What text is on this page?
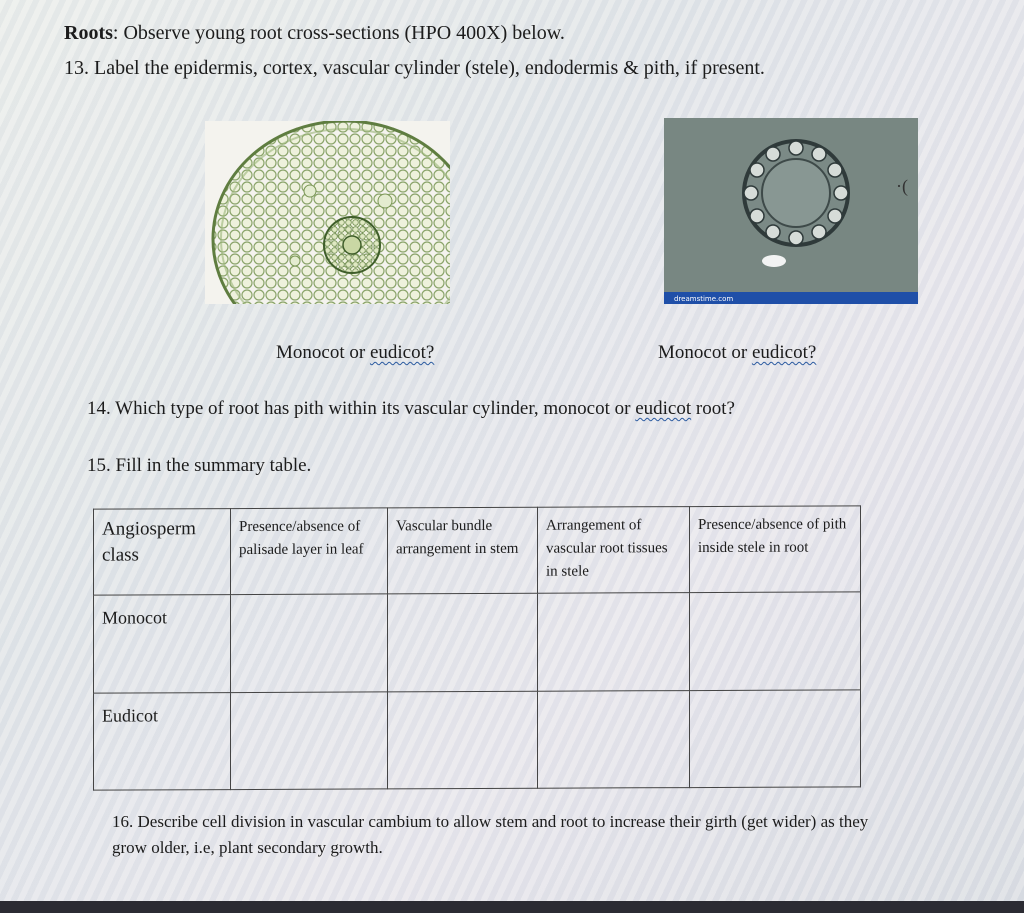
Roots: Observe young root cross-sections (HPO 400X) below.
13. Label the epidermis, cortex, vascular cylinder (stele), endodermis & pith, if present.
dreamstime.com
·(
Monocot or eudicot?	Monocot or eudicot?
14. Which type of root has pith within its vascular cylinder, monocot or eudicot root?
15. Fill in the summary table.
Angiosperm class	Presence/absence of palisade layer in leaf	Vascular bundle arrangement in stem	Arrangement of vascular root tissues in stele	Presence/absence of pith inside stele in root
Monocot				
Eudicot				
16. Describe cell division in vascular cambium to allow stem and root to increase their girth (get wider) as they grow older, i.e, plant secondary growth.
